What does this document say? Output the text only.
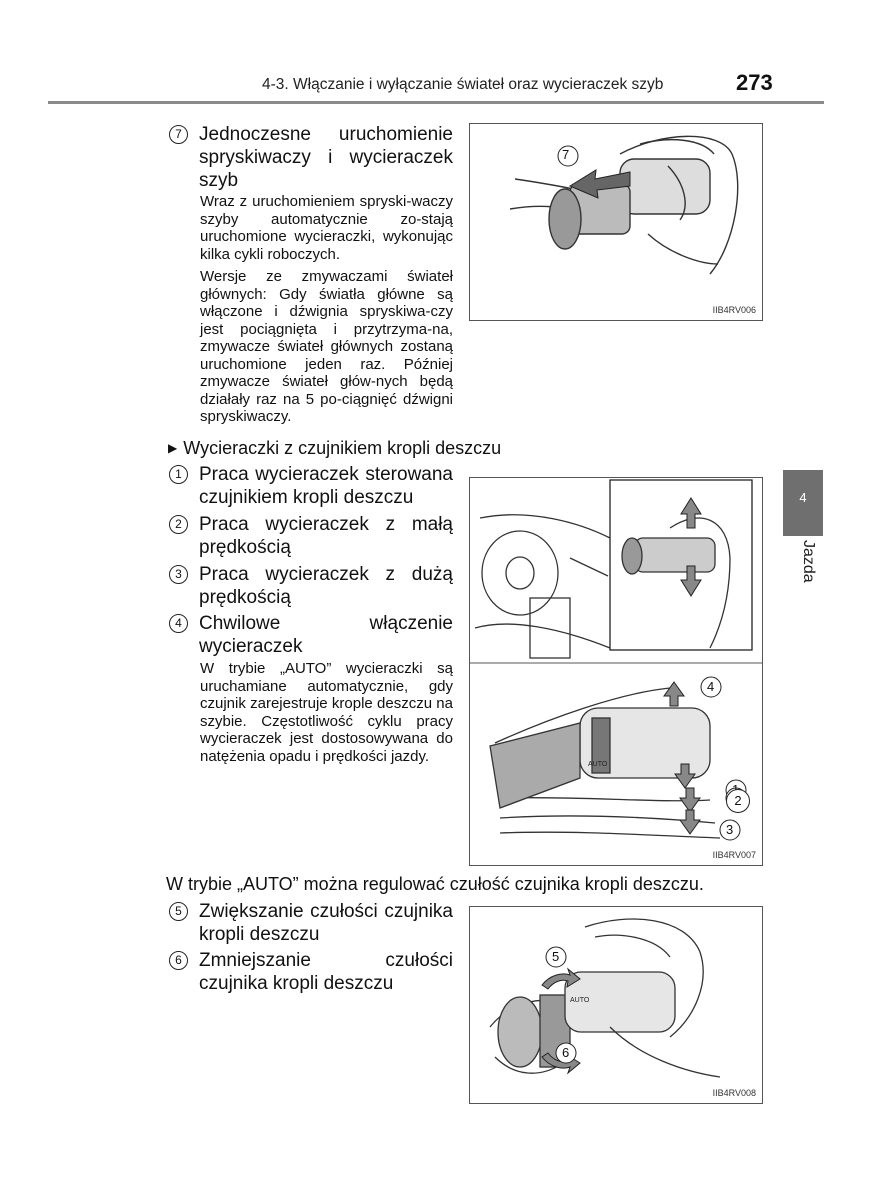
4-3. Włączanie i wyłączanie świateł oraz wycieraczek szyb	273
4
Jazda
7 Jednoczesne uruchomienie spryskiwaczy i wycieraczek szyb
Wraz z uruchomieniem spryski-waczy szyby automatycznie zo-stają uruchomione wycieraczki, wykonując kilka cykli roboczych.
Wersje ze zmywaczami świateł głównych: Gdy światła główne są włączone i dźwignia spryskiwa-czy jest pociągnięta i przytrzyma-na, zmywacze świateł głównych zostaną uruchomione jeden raz. Później zmywacze świateł głów-nych będą działały raz na 5 po-ciągnięć dźwigni spryskiwaczy.
7
IIB4RV006
▶ Wycieraczki z czujnikiem kropli deszczu
1 Praca wycieraczek sterowana czujnikiem kropli deszczu
2 Praca wycieraczek z małą prędkością
3 Praca wycieraczek z dużą prędkością
4 Chwilowe włączenie wycieraczek
W trybie „AUTO” wycieraczki są uruchamiane automatycznie, gdy czujnik zarejestruje krople deszczu na szybie. Częstotliwość cyklu pracy wycieraczek jest dostosowywana do natężenia opadu i prędkości jazdy.	AUTO
4
3
IIB4RV007
2
W trybie „AUTO” można regulować czułość czujnika kropli deszczu.
5 Zwiększanie czułości czujnika kropli deszczu
6 Zmniejszanie czułości czujnika kropli deszczu
AUTO
5
6
IIB4RV008
